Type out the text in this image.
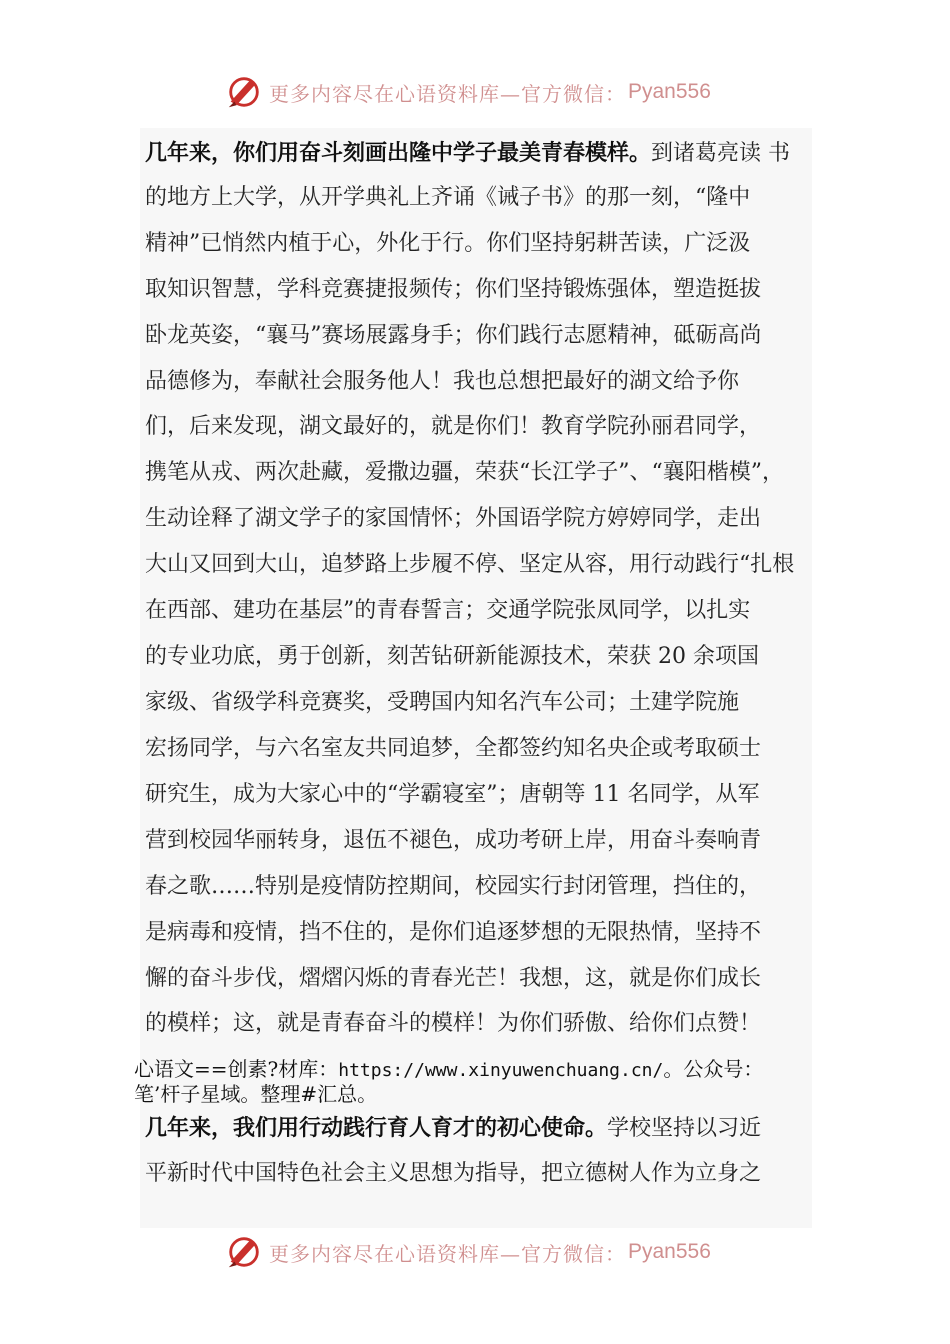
更多内容尽在心语资料库—官方微信： Pyan556
几年来，你们用奋斗刻画出隆中学子最美青春模样。到诸葛亮读 书
的地方上大学，从开学典礼上齐诵《诫子书》的那一刻，“隆中
精神”已悄然内植于心，外化于行。你们坚持躬耕苦读，广泛汲
取知识智慧，学科竞赛捷报频传；你们坚持锻炼强体，塑造挺拔
卧龙英姿，“襄马”赛场展露身手；你们践行志愿精神，砥砺高尚
品德修为，奉献社会服务他人！我也总想把最好的湖文给予你
们，后来发现，湖文最好的，就是你们！教育学院孙丽君同学，
携笔从戎、两次赴藏，爱撒边疆，荣获“长江学子”、“襄阳楷模”，
生动诠释了湖文学子的家国情怀；外国语学院方婷婷同学，走出
大山又回到大山，追梦路上步履不停、坚定从容，用行动践行“扎根
在西部、建功在基层”的青春誓言；交通学院张凤同学，以扎实
的专业功底，勇于创新，刻苦钻研新能源技术，荣获 20 余项国
家级、省级学科竞赛奖，受聘国内知名汽车公司；土建学院施
宏扬同学，与六名室友共同追梦，全都签约知名央企或考取硕士
研究生，成为大家心中的“学霸寝室”；唐朝等 11 名同学，从军
营到校园华丽转身，退伍不褪色，成功考研上岸，用奋斗奏响青
春之歌……特别是疫情防控期间，校园实行封闭管理，挡住的，
是病毒和疫情，挡不住的，是你们追逐梦想的无限热情，坚持不
懈的奋斗步伐，熠熠闪烁的青春光芒！我想，这，就是你们成长
的模样；这，就是青春奋斗的模样！为你们骄傲、给你们点赞！
心语文==创素?材库：https://www.xinyuwenchuang.cn/。公众号：
笔’杆子星域。整理#汇总。
几年来，我们用行动践行育人育才的初心使命。学校坚持以习近
平新时代中国特色社会主义思想为指导，把立德树人作为立身之
更多内容尽在心语资料库—官方微信： Pyan556
